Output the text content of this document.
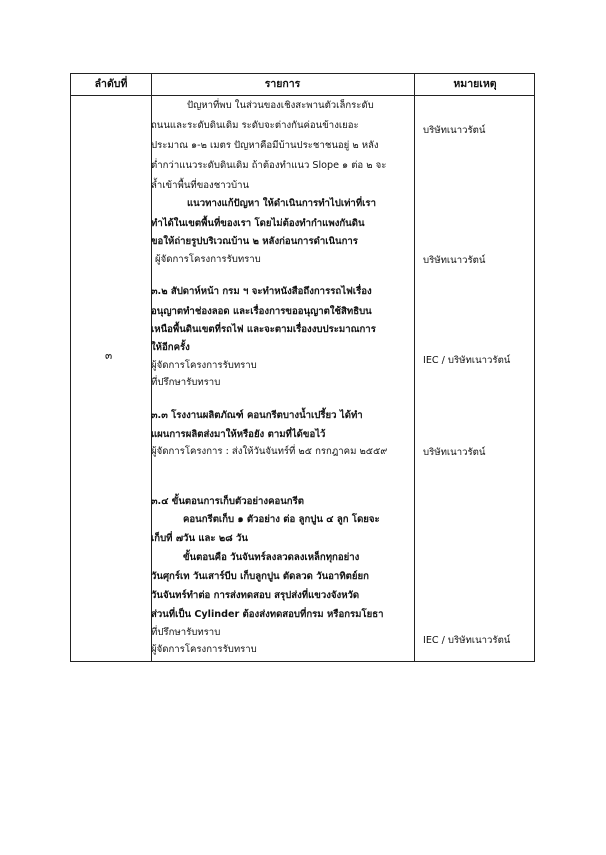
ลำดับที่	รายการ	หมายเหตุ
๓
ปัญหาที่พบ ในส่วนของเชิงสะพานตัวเล็กระดับ
ถนนและระดับดินเดิม ระดับจะต่างกันค่อนข้างเยอะ
ประมาณ ๑-๒ เมตร ปัญหาคือมีบ้านประชาชนอยู่ ๒ หลัง
ต่ำกว่าแนวระดับดินเดิม ถ้าต้องทำแนว Slope ๑ ต่อ ๒ จะ
ล้ำเข้าพื้นที่ของชาวบ้าน
แนวทางแก้ปัญหา ให้ดำเนินการทำไปเท่าที่เรา
ทำได้ในเขตพื้นที่ของเรา โดยไม่ต้องทำกำแพงกันดิน
ขอให้ถ่ายรูปบริเวณบ้าน ๒ หลังก่อนการดำเนินการ
ผู้จัดการโครงการรับทราบ
๓.๒ สัปดาห์หน้า กรม ฯ จะทำหนังสือถึงการรถไฟเรื่อง
อนุญาตทำช่องลอด และเรื่องการขออนุญาตใช้สิทธิบน
เหนือพื้นดินเขตที่รถไฟ และจะตามเรื่องงบประมาณการ
ให้อีกครั้ง
ผู้จัดการโครงการรับทราบ
ที่ปรึกษารับทราบ
๓.๓ โรงงานผลิตภัณฑ์ คอนกรีตบางน้ำเปรี้ยว ได้ทำ
แผนการผลิตส่งมาให้หรือยัง ตามที่ได้ขอไว้
ผู้จัดการโครงการ : ส่งให้วันจันทร์ที่ ๒๕ กรกฎาคม ๒๕๕๙
๓.๔ ขั้นตอนการเก็บตัวอย่างคอนกรีต
คอนกรีตเก็บ ๑ ตัวอย่าง ต่อ ลูกปูน ๔ ลูก โดยจะ
เก็บที่ ๗วัน และ ๒๘ วัน
ขั้นตอนคือ วันจันทร์ลงลวดลงเหล็กทุกอย่าง
วันศุกร์เท วันเสาร์บีบ เก็บลูกปูน ตัดลวด วันอาทิตย์ยก
วันจันทร์ทำต่อ การส่งทดสอบ สรุปส่งที่แขวงจังหวัด
ส่วนที่เป็น Cylinder ต้องส่งทดสอบที่กรม หรือกรมโยธา
ที่ปรึกษารับทราบ
ผู้จัดการโครงการรับทราบ
บริษัทเนาวรัตน์
บริษัทเนาวรัตน์
IEC / บริษัทเนาวรัตน์
บริษัทเนาวรัตน์
IEC / บริษัทเนาวรัตน์
